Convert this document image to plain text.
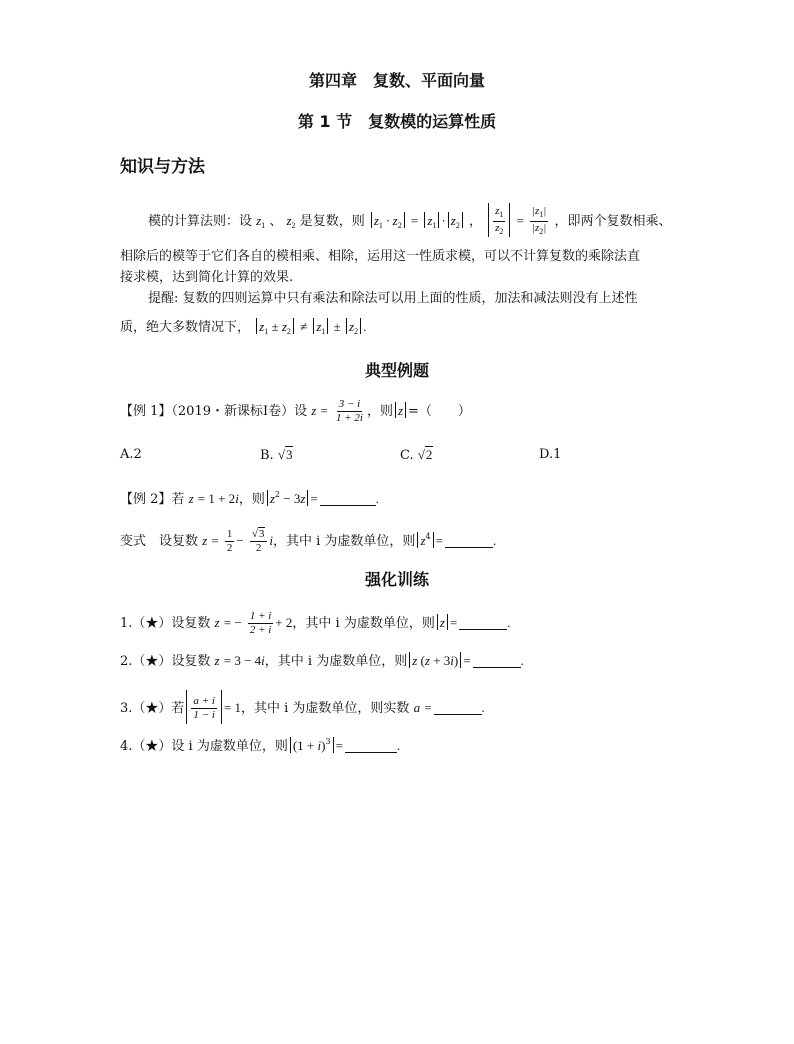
第四章　复数、平面向量
第 1 节　复数模的运算性质
知识与方法
模的计算法则：设 $z_1$ 、 $z_2$ 是复数，则 $z_1 \cdot z_2 = z_1 \cdot z_2$ ， $\frac{z_1}{z_2} = \frac{|z_1|}{|z_2|}$ ，即两个复数相乘、
相除后的模等于它们各自的模相乘、相除，运用这一性质求模，可以不计算复数的乘除法直
接求模，达到简化计算的效果.
提醒: 复数的四则运算中只有乘法和除法可以用上面的性质，加法和减法则没有上述性
质，绝大多数情况下， $z_1 \pm z_2 \ne z_1 \pm z_2$ .
典型例题
【例 1】（2019・新课标Ⅰ卷）设 $z = \frac{3 - i}{1 + 2i}$ ，则 z =（　　）
A.2	B. √3	C. √2	D.1
【例 2】若 z = 1 + 2i，则 $z^2 - 3z$ =	.
变式　设复数 $z = \frac{1}{2} - \frac{√3}{2}$ i，其中 i 为虚数单位，则 $z^4$ =	.
强化训练
1.（★）设复数 z = − $\frac{1 + i}{2 + i} + 2$，其中 i 为虚数单位，则 z =	.
2.（★）设复数 z = 3 − 4i，其中 i 为虚数单位，则 z (z + 3i) =	.
3.（★）若 $\frac{a + i}{1 - i} = 1$，其中 i 为虚数单位，则实数 a =	.
4.（★）设 i 为虚数单位，则 $(1 + i)^3$ =	.
